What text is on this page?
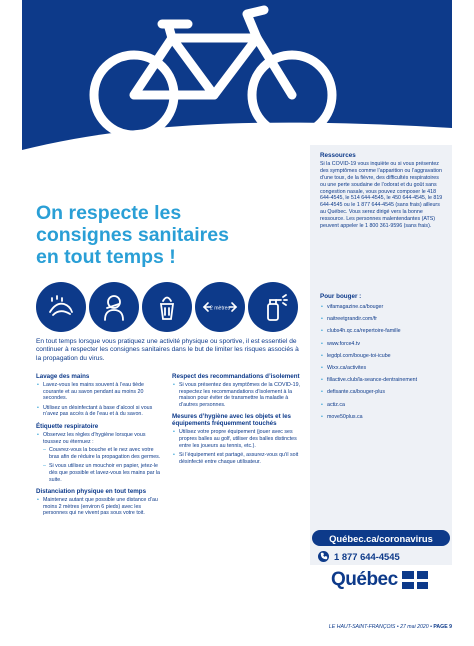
On respecte les
consignes sanitaires
en tout temps !
2 mètres

En tout temps lorsque vous pratiquez une activité physique ou sportive, il est essentiel de continuer à respecter les consignes sanitaires dans le but de limiter les risques associés à la propagation du virus.

Lavage des mains
• Lavez-vous les mains souvent à l’eau tiède courante et au savon pendant au moins 20 secondes.
• Utilisez un désinfectant à base d’alcool si vous n’avez pas accès à de l’eau et à du savon.
Étiquette respiratoire
• Observez les règles d’hygiène lorsque vous toussez ou éternuez :
– Couvrez-vous la bouche et le nez avec votre bras afin de réduire la propagation des germes.
– Si vous utilisez un mouchoir en papier, jetez-le dès que possible et lavez-vous les mains par la suite.
Distanciation physique en tout temps
• Maintenez autant que possible une distance d’au moins 2 mètres (environ 6 pieds) avec les personnes qui ne vivent pas sous votre toit.
Respect des recommandations d’isolement
• Si vous présentez des symptômes de la COVID-19, respectez les recommandations d’isolement à la maison pour éviter de transmettre la maladie à d’autres personnes.
Mesures d’hygiène avec les objets et les équipements fréquemment touchés
• Utilisez votre propre équipement (jouer avec ses propres balles au golf, utiliser des balles distinctes entre les joueurs au tennis, etc.).
• Si l’équipement est partagé, assurez-vous qu’il soit désinfecté entre chaque utilisateur.
Ressources
Si la COVID-19 vous inquiète ou si vous présentez des symptômes comme l’apparition ou l’aggravation d’une toux, de la fièvre, des difficultés respiratoires ou une perte soudaine de l’odorat et du goût sans congestion nasale, vous pouvez composer le 418 644-4545, le 514 644-4545, le 450 644-4545, le 819 644-4545 ou le 1 877 644-4545 (sans frais) ailleurs au Québec. Vous serez dirigé vers la bonne ressource. Les personnes malentendantes (ATS) peuvent appeler le 1 800 361-9596 (sans frais).
Pour bouger :
• vifamagazine.ca/bouger
• naitreetgrandir.com/fr
• clubs4h.qc.ca/repertoire-famille
• www.force4.tv
• legdpl.com/bouge-toi-icube
• Wixx.ca/activites
• fillactive.club/la-seance-dentrainement
• defisante.ca/bouger-plus
• actiz.ca
• move50plus.ca
Québec.ca/coronavirus
1 877 644-4545
Québec
LE HAUT-SAINT-FRANÇOIS • 27 mai 2020 • PAGE 9
